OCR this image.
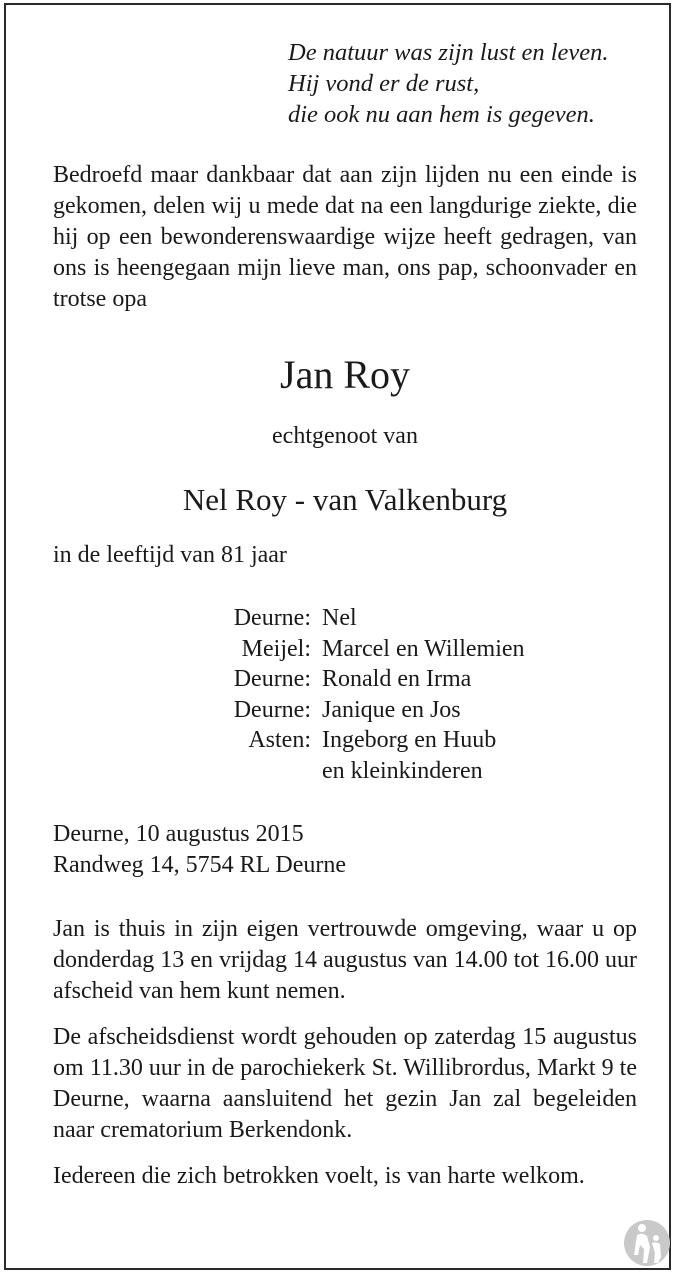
De natuur was zijn lust en leven.
Hij vond er de rust,
die ook nu aan hem is gegeven.
Bedroefd maar dankbaar dat aan zijn lijden nu een einde is gekomen, delen wij u mede dat na een langdurige ziekte, die hij op een bewonderenswaardige wijze heeft gedragen, van ons is heengegaan mijn lieve man, ons pap, schoonvader en trotse opa
Jan Roy
echtgenoot van
Nel Roy - van Valkenburg
in de leeftijd van 81 jaar
Deurne: Nel
Meijel: Marcel en Willemien
Deurne: Ronald en Irma
Deurne: Janique en Jos
Asten: Ingeborg en Huub
en kleinkinderen
Deurne, 10 augustus 2015
Randweg 14, 5754 RL Deurne
Jan is thuis in zijn eigen vertrouwde omgeving, waar u op donderdag 13 en vrijdag 14 augustus van 14.00 tot 16.00 uur afscheid van hem kunt nemen.
De afscheidsdienst wordt gehouden op zaterdag 15 augustus om 11.30 uur in de parochiekerk St. Willibrordus, Markt 9 te Deurne, waarna aansluitend het gezin Jan zal begeleiden naar crematorium Berkendonk.
Iedereen die zich betrokken voelt, is van harte welkom.
